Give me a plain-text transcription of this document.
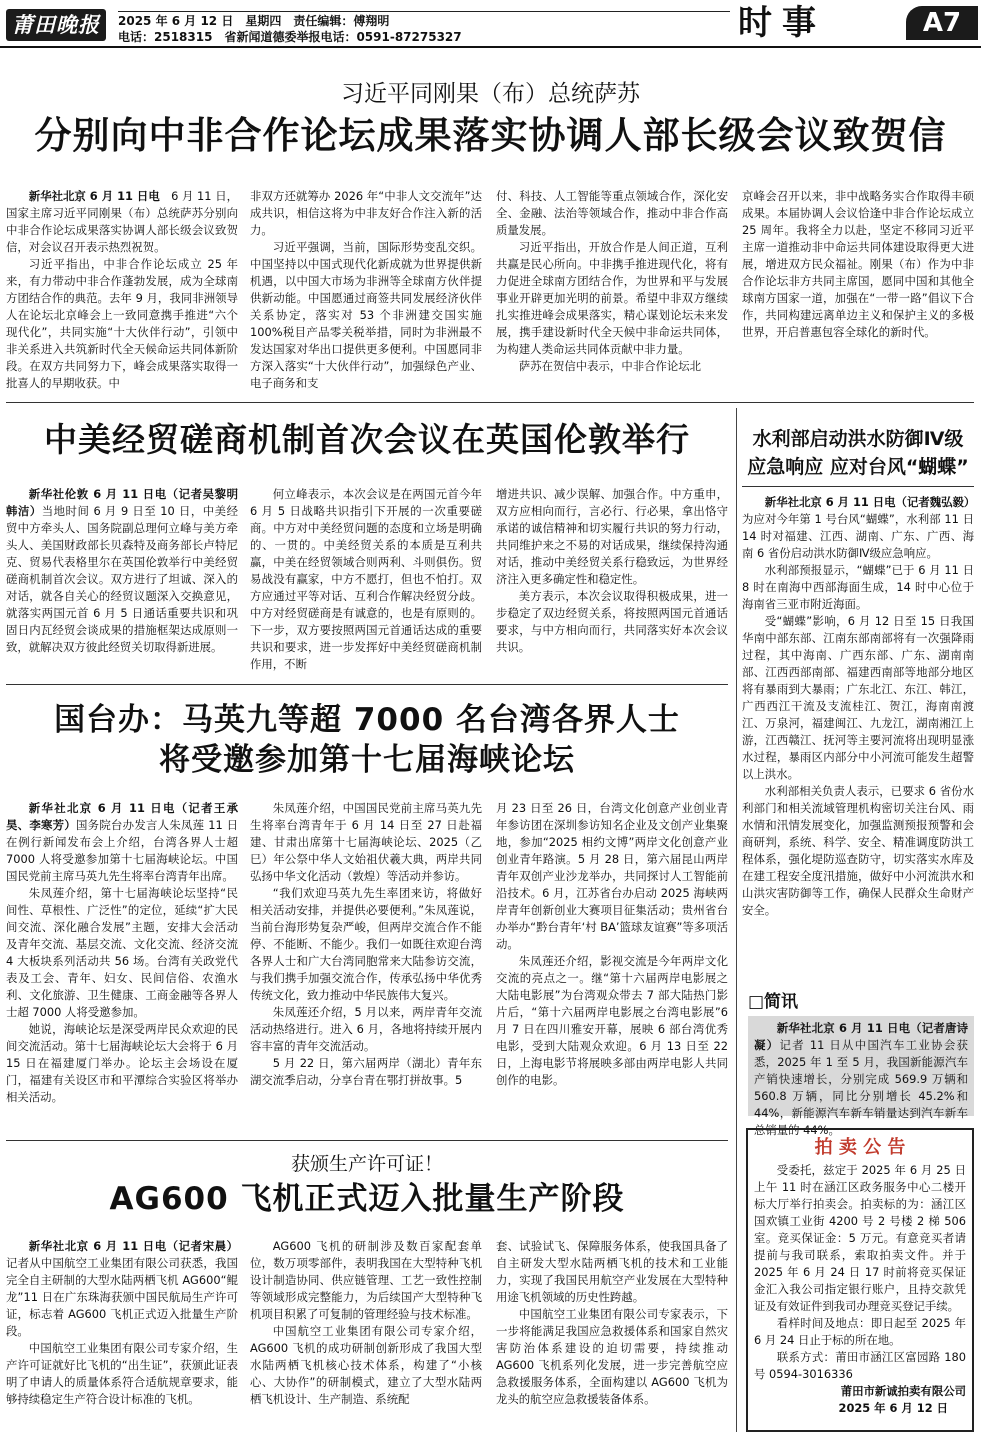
莆田晚报	2025 年 6 月 12 日　星期四　责任编辑：傅翔明
电话：2518315　省新闻道德委举报电话：0591-87275327	时事	A7
习近平同刚果（布）总统萨苏
分别向中非合作论坛成果落实协调人部长级会议致贺信

新华社北京 6 月 11 日电　 6 月 11 日，国家主席习近平同刚果（布）总统萨苏分别向中非合作论坛成果落实协调人部长级会议致贺信，对会议召开表示热烈祝贺。

习近平指出，中非合作论坛成立 25 年来，有力带动中非合作蓬勃发展，成为全球南方团结合作的典范。去年 9 月，我同非洲领导人在论坛北京峰会上一致同意携手推进“六个现代化”，共同实施“十大伙伴行动”，引领中非关系进入共筑新时代全天候命运共同体新阶段。在双方共同努力下，峰会成果落实取得一批喜人的早期收获。中

非双方还就筹办 2026 年“中非人文交流年”达成共识，相信这将为中非友好合作注入新的活力。

习近平强调，当前，国际形势变乱交织。中国坚持以中国式现代化新成就为世界提供新机遇，以中国大市场为非洲等全球南方伙伴提供新动能。中国愿通过商签共同发展经济伙伴关系协定，落实对 53 个非洲建交国实施 100%税目产品零关税举措，同时为非洲最不发达国家对华出口提供更多便利。中国愿同非方深入落实“十大伙伴行动”，加强绿色产业、电子商务和支

付、科技、人工智能等重点领域合作，深化安全、金融、法治等领域合作，推动中非合作高质量发展。

习近平指出，开放合作是人间正道，互利共赢是民心所向。中非携手推进现代化，将有力促进全球南方团结合作，为世界和平与发展事业开辟更加光明的前景。希望中非双方继续扎实推进峰会成果落实，精心谋划论坛未来发展，携手建设新时代全天候中非命运共同体，为构建人类命运共同体贡献中非力量。

萨苏在贺信中表示，中非合作论坛北

京峰会召开以来，非中战略务实合作取得丰硕成果。本届协调人会议恰逢中非合作论坛成立 25 周年。我将全力以赴，坚定不移同习近平主席一道推动非中命运共同体建设取得更大进展，增进双方民众福祉。刚果（布）作为中非合作论坛非方共同主席国，愿同中国和其他全球南方国家一道，加强在“一带一路”倡议下合作，共同构建远离单边主义和保护主义的多极世界，开启普惠包容全球化的新时代。

中美经贸磋商机制首次会议在英国伦敦举行

新华社伦敦 6 月 11 日电（记者吴黎明 韩洁）当地时间 6 月 9 日至 10 日，中美经贸中方牵头人、国务院副总理何立峰与美方牵头人、美国财政部长贝森特及商务部长卢特尼克、贸易代表格里尔在英国伦敦举行中美经贸磋商机制首次会议。双方进行了坦诚、深入的对话，就各自关心的经贸议题深入交换意见，就落实两国元首 6 月 5 日通话重要共识和巩固日内瓦经贸会谈成果的措施框架达成原则一致，就解决双方彼此经贸关切取得新进展。

何立峰表示，本次会议是在两国元首今年 6 月 5 日战略共识指引下开展的一次重要磋商。中方对中美经贸问题的态度和立场是明确的、一贯的。中美经贸关系的本质是互利共赢，中美在经贸领域合则两利、斗则俱伤。贸易战没有赢家，中方不愿打，但也不怕打。双方应通过平等对话、互利合作解决经贸分歧。中方对经贸磋商是有诚意的，也是有原则的。下一步，双方要按照两国元首通话达成的重要共识和要求，进一步发挥好中美经贸磋商机制作用，不断

增进共识、减少误解、加强合作。中方重申，双方应相向而行，言必行、行必果，拿出恪守承诺的诚信精神和切实履行共识的努力行动，共同维护来之不易的对话成果，继续保持沟通对话，推动中美经贸关系行稳致远，为世界经济注入更多确定性和稳定性。

美方表示，本次会议取得积极成果，进一步稳定了双边经贸关系，将按照两国元首通话要求，与中方相向而行，共同落实好本次会议共识。

国台办：马英九等超 7000 名台湾各界人士
将受邀参加第十七届海峡论坛

新华社北京 6 月 11 日电（记者王承昊、李寒芳）国务院台办发言人朱凤莲 11 日在例行新闻发布会上介绍，台湾各界人士超 7000 人将受邀参加第十七届海峡论坛。中国国民党前主席马英九先生将率台湾青年出席。

朱凤莲介绍，第十七届海峡论坛坚持“民间性、草根性、广泛性”的定位，延续“扩大民间交流、深化融合发展”主题，安排大会活动及青年交流、基层交流、文化交流、经济交流 4 大板块系列活动共 56 场。台湾有关政党代表及工会、青年、妇女、民间信俗、农渔水利、文化旅游、卫生健康、工商金融等各界人士超 7000 人将受邀参加。

她说，海峡论坛是深受两岸民众欢迎的民间交流活动。第十七届海峡论坛大会将于 6 月 15 日在福建厦门举办。论坛主会场设在厦门，福建有关设区市和平潭综合实验区将举办相关活动。

朱凤莲介绍，中国国民党前主席马英九先生将率台湾青年于 6 月 14 日至 27 日赴福建、甘肃出席第十七届海峡论坛、2025（乙巳）年公祭中华人文始祖伏羲大典，两岸共同弘扬中华文化活动（敦煌）等活动并参访。

“我们欢迎马英九先生率团来访，将做好相关活动安排，并提供必要便利。”朱凤莲说，当前台海形势复杂严峻，但两岸交流合作不能停、不能断、不能少。我们一如既往欢迎台湾各界人士和广大台湾同胞常来大陆参访交流，与我们携手加强交流合作，传承弘扬中华优秀传统文化，致力推动中华民族伟大复兴。

朱凤莲还介绍，5 月以来，两岸青年交流活动热络进行。进入 6 月，各地将持续开展内容丰富的青年交流活动。

5 月 22 日，第六届两岸（湖北）青年东湖交流季启动，分享台青在鄂打拼故事。5

月 23 日至 26 日，台湾文化创意产业创业青年参访团在深圳参访知名企业及文创产业集聚地，参加“2025 相约文博”两岸文化创意产业创业青年路演。5 月 28 日，第六届昆山两岸青年双创产业沙龙举办，共同探讨人工智能前沿技术。6 月，江苏省台办启动 2025 海峡两岸青年创新创业大赛项目征集活动；贵州省台办举办“黔台青年‘村 BA’篮球友谊赛”等多项活动。

朱凤莲还介绍，影视交流是今年两岸文化交流的亮点之一。继“第十六届两岸电影展之大陆电影展”为台湾观众带去 7 部大陆热门影片后，“第十六届两岸电影展之台湾电影展”6 月 7 日在四川雅安开幕，展映 6 部台湾优秀电影，受到大陆观众欢迎。6 月 13 日至 22 日，上海电影节将展映多部由两岸电影人共同创作的电影。

获颁生产许可证！
AG600 飞机正式迈入批量生产阶段

新华社北京 6 月 11 日电（记者宋晨）记者从中国航空工业集团有限公司获悉，我国完全自主研制的大型水陆两栖飞机 AG600“鲲龙”11 日在广东珠海获颁中国民航局生产许可证，标志着 AG600 飞机正式迈入批量生产阶段。

中国航空工业集团有限公司专家介绍，生产许可证就好比飞机的“出生证”，获颁此证表明了申请人的质量体系符合适航规章要求，能够持续稳定生产符合设计标准的飞机。

AG600 飞机的研制涉及数百家配套单位，数万项零部件，表明我国在大型特种飞机设计制造协同、供应链管理、工艺一致性控制等领域形成完整能力，为后续国产大型特种飞机项目积累了可复制的管理经验与技术标准。

中国航空工业集团有限公司专家介绍，AG600 飞机的成功研制创新形成了我国大型水陆两栖飞机核心技术体系，构建了“小核心、大协作”的研制模式，建立了大型水陆两栖飞机设计、生产制造、系统配

套、试验试飞、保障服务体系，使我国具备了自主研发大型水陆两栖飞机的技术和工业能力，实现了我国民用航空产业发展在大型特种用途飞机领域的历史性跨越。

中国航空工业集团有限公司专家表示，下一步将能满足我国应急救援体系和国家自然灾害防治体系建设的迫切需要，持续推动 AG600 飞机系列化发展，进一步完善航空应急救援服务体系，全面构建以 AG600 飞机为龙头的航空应急救援装备体系。

水利部启动洪水防御Ⅳ级
应急响应 应对台风“蝴蝶”

新华社北京 6 月 11 日电（记者魏弘毅）为应对今年第 1 号台风“蝴蝶”，水利部 11 日 14 时对福建、江西、湖南、广东、广西、海南 6 省份启动洪水防御Ⅳ级应急响应。

水利部预报显示，“蝴蝶”已于 6 月 11 日 8 时在南海中西部海面生成，14 时中心位于海南省三亚市附近海面。

受“蝴蝶”影响，6 月 12 日至 15 日我国华南中部东部、江南东部南部将有一次强降雨过程，其中海南、广西东部、广东、湖南南部、江西西部南部、福建西南部等地部分地区将有暴雨到大暴雨；广东北江、东江、韩江，广西西江干流及支流桂江、贺江，海南南渡江、万泉河，福建闽江、九龙江，湖南湘江上游，江西赣江、抚河等主要河流将出现明显涨水过程，暴雨区内部分中小河流可能发生超警以上洪水。

水利部相关负责人表示，已要求 6 省份水利部门和相关流域管理机构密切关注台风、雨水情和汛情发展变化，加强监测预报预警和会商研判，系统、科学、安全、精准调度防洪工程体系，强化堤防巡查防守，切实落实水库及在建工程安全度汛措施，做好中小河流洪水和山洪灾害防御等工作，确保人民群众生命财产安全。

□简讯

新华社北京 6 月 11 日电（记者唐诗凝）记者 11 日从中国汽车工业协会获悉，2025 年 1 至 5 月，我国新能源汽车产销快速增长，分别完成 569.9 万辆和 560.8 万辆，同比分别增长 45.2%和 44%，新能源汽车新车销量达到汽车新车总销量的 44%。

拍 卖 公 告

受委托，兹定于 2025 年 6 月 25 日上午 11 时在涵江区政务服务中心二楼开标大厅举行拍卖会。拍卖标的为：涵江区国欢镇工业街 4200 号 2 号楼 2 梯 506 室。竞买保证金：5 万元。有意竞买者请提前与我司联系，索取拍卖文件。并于 2025 年 6 月 24 日 17 时前将竞买保证金汇入我公司指定银行账户，且持交款凭证及有效证件到我司办理竞买登记手续。

看样时间及地点：即日起至 2025 年 6 月 24 日止于标的所在地。

联系方式：莆田市涵江区富园路 180 号 0594-3016336

莆田市新诚拍卖有限公司
2025 年 6 月 12 日
